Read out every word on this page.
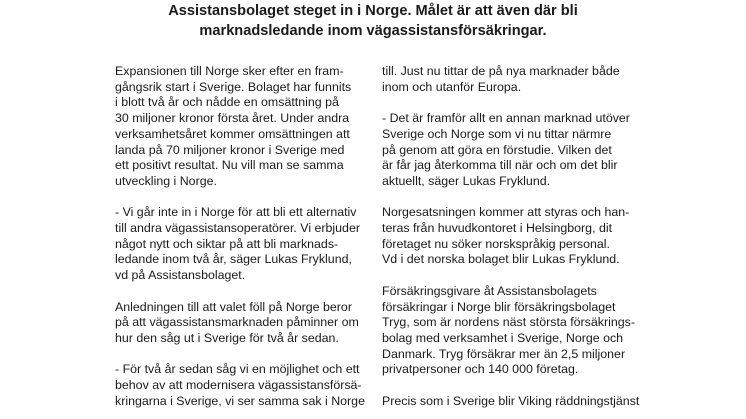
Assistansbolaget steget in i Norge. Målet är att även där bli
marknadsledande inom vägassistansförsäkringar.

Expansionen till Norge sker efter en fram-
gångsrik start i Sverige. Bolaget har funnits
i blott två år och nådde en omsättning på
30 miljoner kronor första året. Under andra
verksamhetsåret kommer omsättningen att
landa på 70 miljoner kronor i Sverige med
ett positivt resultat. Nu vill man se samma
utveckling i Norge.

- Vi går inte in i Norge för att bli ett alternativ
till andra vägassistansoperatörer. Vi erbjuder
något nytt och siktar på att bli marknads-
ledande inom två år, säger Lukas Fryklund,
vd på Assistansbolaget.

Anledningen till att valet föll på Norge beror
på att vägassistansmarknaden påminner om
hur den såg ut i Sverige för två år sedan.

- För två år sedan såg vi en möjlighet och ett
behov av att modernisera vägassistansförsä-
kringarna i Sverige, vi ser samma sak i Norge

till. Just nu tittar de på nya marknader både
inom och utanför Europa.

- Det är framför allt en annan marknad utöver
Sverige och Norge som vi nu tittar närmre
på genom att göra en förstudie. Vilken det
är får jag återkomma till när och om det blir
aktuellt, säger Lukas Fryklund.

Norgesatsningen kommer att styras och han-
teras från huvudkontoret i Helsingborg, dit
företaget nu söker norskspråkig personal.
Vd i det norska bolaget blir Lukas Fryklund.

Försäkringsgivare åt Assistansbolagets
försäkringar i Norge blir försäkringsbolaget
Tryg, som är nordens näst största försäkrings-
bolag med verksamhet i Sverige, Norge och
Danmark. Tryg försäkrar mer än 2,5 miljoner
privatpersoner och 140 000 företag.

Precis som i Sverige blir Viking räddningstjänst
